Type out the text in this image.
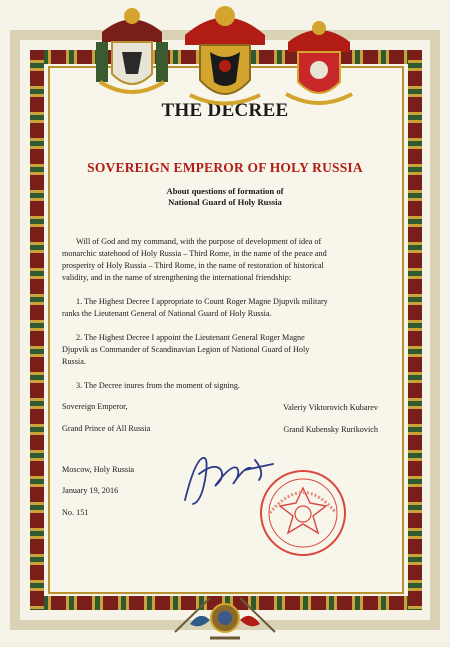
THE DECREE
SOVEREIGN EMPEROR OF HOLY RUSSIA
About questions of formation of
National Guard of Holy Russia
Will of God and my command, with the purpose of development of idea of
monarchic statehood of Holy Russia – Third Rome, in the name of the peace and
prosperity of Holy Russia – Third Rome, in the name of restoration of historical
validity, and in the name of strengthening the international friendship:
1. The Highest Decree I appropriate to Count Roger Magne Djupvik military
ranks the Lieutenant General of National Guard of Holy Russia.
2. The Highest Decree I appoint the Lieutenant General Roger Magne
Djupvik as Commander of Scandinavian Legion of National Guard of Holy
Russia.
3. The Decree inures from the moment of signing.
Sovereign Emperor,
Grand Prince of All Russia
Valeriy Viktorovich Kubarev
Grand Kubensky Rurikovich
Moscow, Holy Russia
January 19, 2016
No. 151
